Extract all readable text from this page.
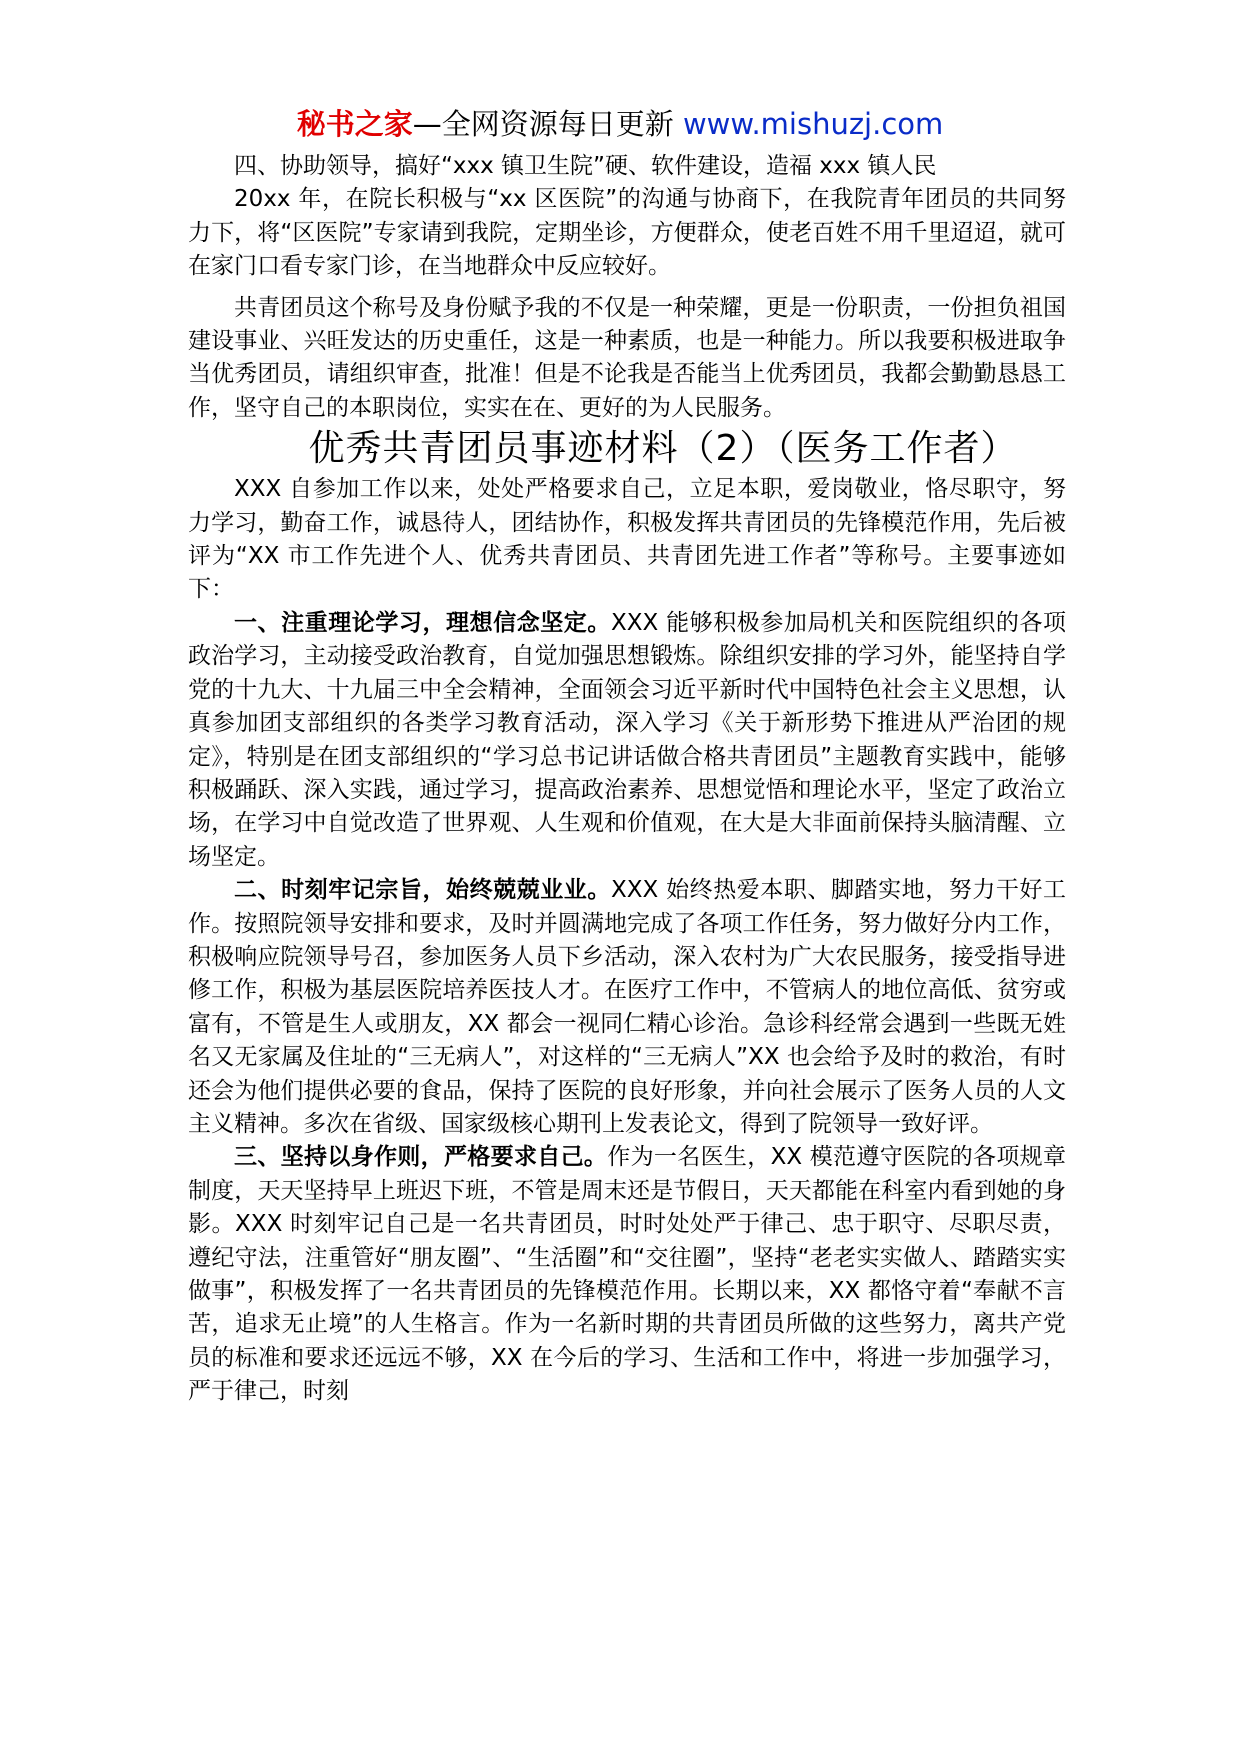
秘书之家—全网资源每日更新 www.mishuzj.com

四、协助领导，搞好“xxx 镇卫生院”硬、软件建设，造福 xxx 镇人民

20xx 年，在院长积极与“xx 区医院”的沟通与协商下，在我院青年团员的共同努力下，将“区医院”专家请到我院，定期坐诊，方便群众，使老百姓不用千里迢迢，就可在家门口看专家门诊，在当地群众中反应较好。

共青团员这个称号及身份赋予我的不仅是一种荣耀，更是一份职责，一份担负祖国建设事业、兴旺发达的历史重任，这是一种素质，也是一种能力。所以我要积极进取争当优秀团员，请组织审查，批准！但是不论我是否能当上优秀团员，我都会勤勤恳恳工作，坚守自己的本职岗位，实实在在、更好的为人民服务。

优秀共青团员事迹材料（2）（医务工作者）

XXX 自参加工作以来，处处严格要求自己，立足本职，爱岗敬业，恪尽职守，努力学习，勤奋工作，诚恳待人，团结协作，积极发挥共青团员的先锋模范作用，先后被评为“XX 市工作先进个人、优秀共青团员、共青团先进工作者”等称号。主要事迹如下：

一、注重理论学习，理想信念坚定。XXX 能够积极参加局机关和医院组织的各项政治学习，主动接受政治教育，自觉加强思想锻炼。除组织安排的学习外，能坚持自学党的十九大、十九届三中全会精神，全面领会习近平新时代中国特色社会主义思想，认真参加团支部组织的各类学习教育活动，深入学习《关于新形势下推进从严治团的规定》，特别是在团支部组织的“学习总书记讲话做合格共青团员”主题教育实践中，能够积极踊跃、深入实践，通过学习，提高政治素养、思想觉悟和理论水平，坚定了政治立场，在学习中自觉改造了世界观、人生观和价值观，在大是大非面前保持头脑清醒、立场坚定。

二、时刻牢记宗旨，始终兢兢业业。XXX 始终热爱本职、脚踏实地，努力干好工作。按照院领导安排和要求，及时并圆满地完成了各项工作任务，努力做好分内工作，积极响应院领导号召，参加医务人员下乡活动，深入农村为广大农民服务，接受指导进修工作，积极为基层医院培养医技人才。在医疗工作中，不管病人的地位高低、贫穷或富有，不管是生人或朋友，XX 都会一视同仁精心诊治。急诊科经常会遇到一些既无姓名又无家属及住址的“三无病人”，对这样的“三无病人”XX 也会给予及时的救治，有时还会为他们提供必要的食品，保持了医院的良好形象，并向社会展示了医务人员的人文主义精神。多次在省级、国家级核心期刊上发表论文，得到了院领导一致好评。

三、坚持以身作则，严格要求自己。作为一名医生，XX 模范遵守医院的各项规章制度，天天坚持早上班迟下班，不管是周末还是节假日，天天都能在科室内看到她的身影。XXX 时刻牢记自己是一名共青团员，时时处处严于律己、忠于职守、尽职尽责，遵纪守法，注重管好“朋友圈”、“生活圈”和“交往圈”，坚持“老老实实做人、踏踏实实做事”，积极发挥了一名共青团员的先锋模范作用。长期以来，XX 都恪守着“奉献不言苦，追求无止境”的人生格言。作为一名新时期的共青团员所做的这些努力，离共产党员的标准和要求还远远不够，XX 在今后的学习、生活和工作中，将进一步加强学习，严于律己，时刻
